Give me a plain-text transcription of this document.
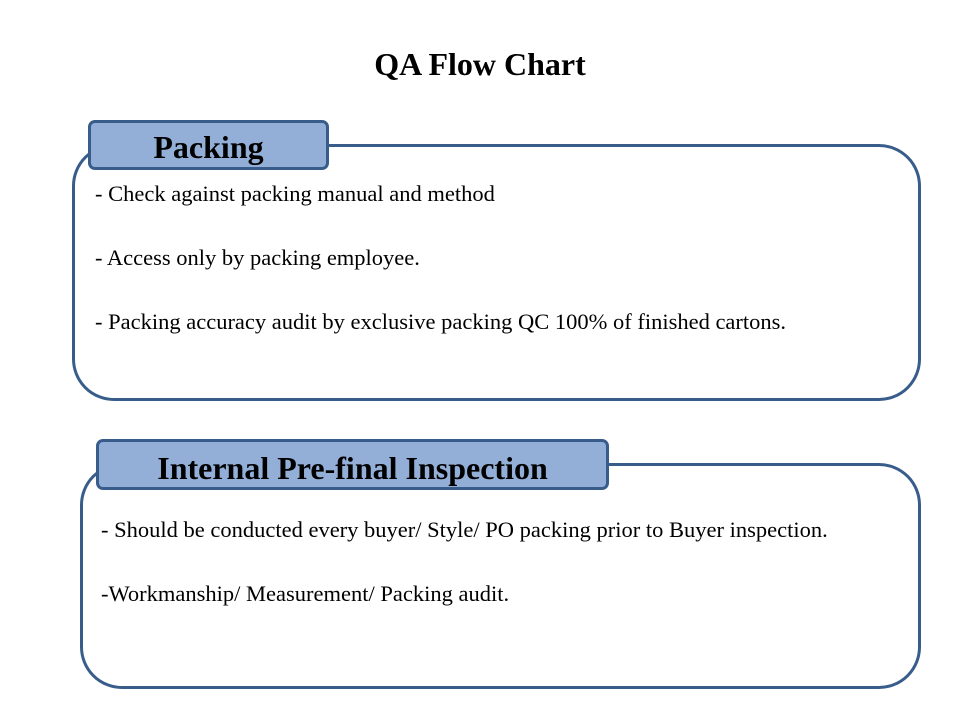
QA Flow Chart
Packing
- Check against packing manual and method
- Access only by packing employee.
- Packing accuracy audit by exclusive packing QC 100% of finished cartons.
Internal Pre-final Inspection
- Should be conducted every buyer/ Style/ PO packing prior to Buyer inspection.
-Workmanship/ Measurement/ Packing audit.
